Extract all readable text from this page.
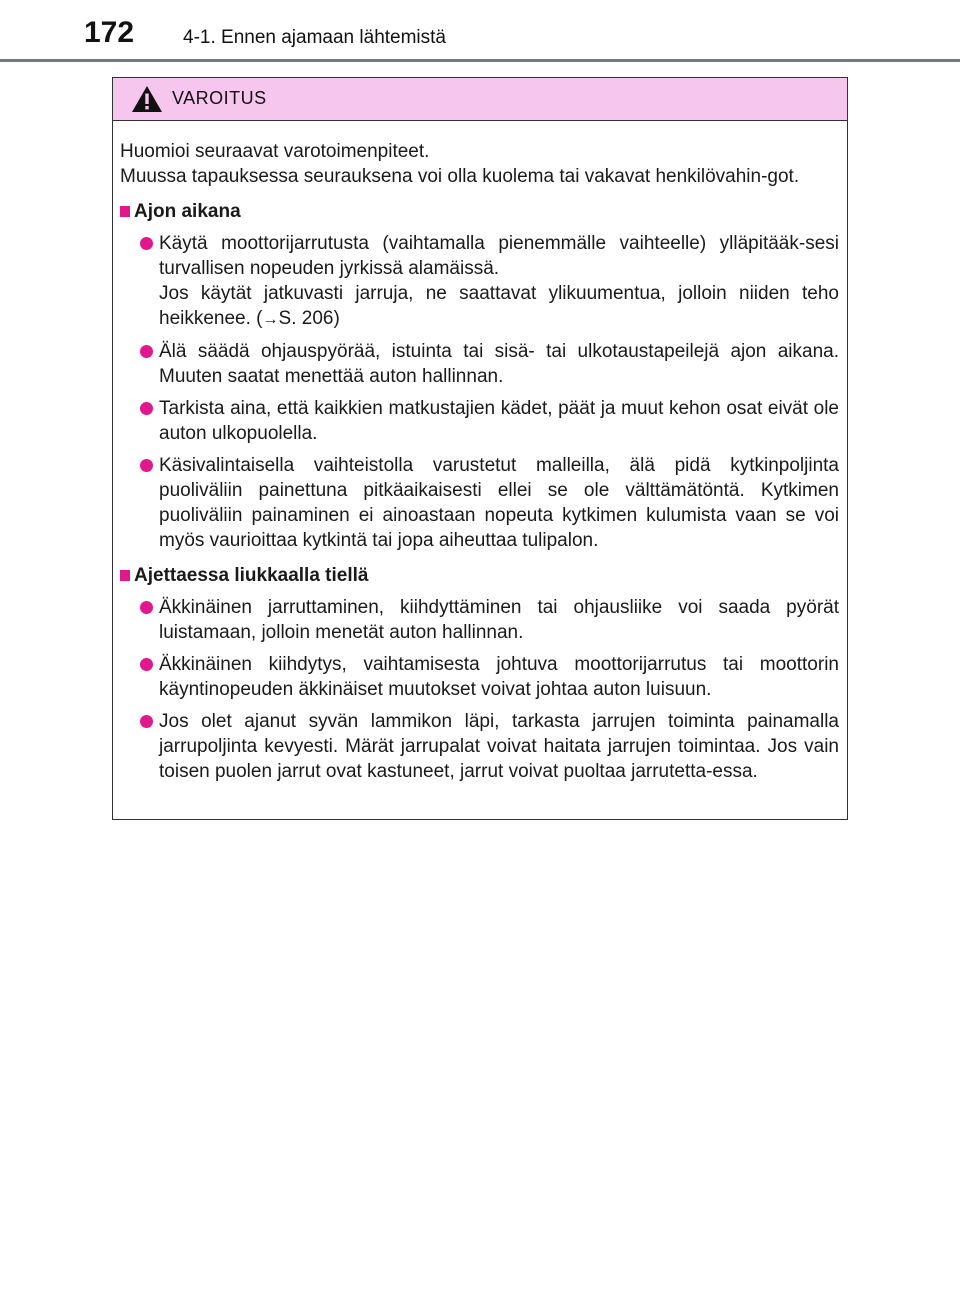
172	4-1. Ennen ajamaan lähtemistä
VAROITUS

Huomioi seuraavat varotoimenpiteet.

Muussa tapauksessa seurauksena voi olla kuolema tai vakavat henkilövahin-got.

Ajon aikana

Käytä moottorijarrutusta (vaihtamalla pienemmälle vaihteelle) ylläpitääk-sesi turvallisen nopeuden jyrkissä alamäissä.

Jos käytät jatkuvasti jarruja, ne saattavat ylikuumentua, jolloin niiden teho heikkenee. (→S. 206)

Älä säädä ohjauspyörää, istuinta tai sisä- tai ulkotaustapeilejä ajon aikana. Muuten saatat menettää auton hallinnan.

Tarkista aina, että kaikkien matkustajien kädet, päät ja muut kehon osat eivät ole auton ulkopuolella.

Käsivalintaisella vaihteistolla varustetut malleilla, älä pidä kytkinpoljinta puoliväliin painettuna pitkäaikaisesti ellei se ole välttämätöntä. Kytkimen puoliväliin painaminen ei ainoastaan nopeuta kytkimen kulumista vaan se voi myös vaurioittaa kytkintä tai jopa aiheuttaa tulipalon.

Ajettaessa liukkaalla tiellä

Äkkinäinen jarruttaminen, kiihdyttäminen tai ohjausliike voi saada pyörät luistamaan, jolloin menetät auton hallinnan.

Äkkinäinen kiihdytys, vaihtamisesta johtuva moottorijarrutus tai moottorin käyntinopeuden äkkinäiset muutokset voivat johtaa auton luisuun.

Jos olet ajanut syvän lammikon läpi, tarkasta jarrujen toiminta painamalla jarrupoljinta kevyesti. Märät jarrupalat voivat haitata jarrujen toimintaa. Jos vain toisen puolen jarrut ovat kastuneet, jarrut voivat puoltaa jarrutetta-essa.
